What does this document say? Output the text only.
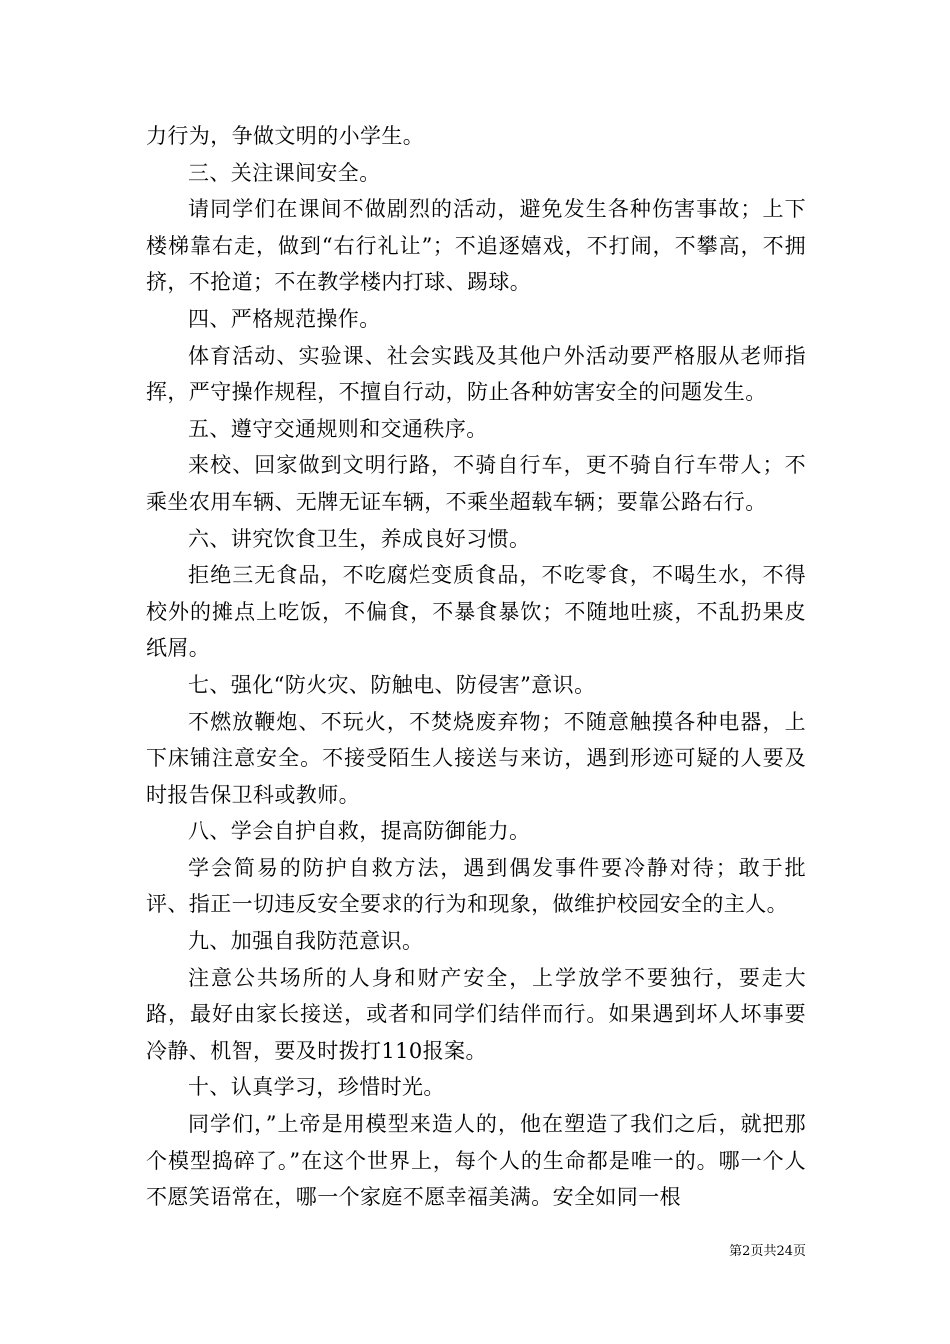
力行为，争做文明的小学生。

三、关注课间安全。

请同学们在课间不做剧烈的活动，避免发生各种伤害事故；上下楼梯靠右走，做到“右行礼让”；不追逐嬉戏，不打闹，不攀高，不拥挤，不抢道；不在教学楼内打球、踢球。

四、严格规范操作。

体育活动、实验课、社会实践及其他户外活动要严格服从老师指挥，严守操作规程，不擅自行动，防止各种妨害安全的问题发生。

五、遵守交通规则和交通秩序。

来校、回家做到文明行路，不骑自行车，更不骑自行车带人；不乘坐农用车辆、无牌无证车辆，不乘坐超载车辆；要靠公路右行。

六、讲究饮食卫生，养成良好习惯。

拒绝三无食品，不吃腐烂变质食品，不吃零食，不喝生水，不得校外的摊点上吃饭，不偏食，不暴食暴饮；不随地吐痰，不乱扔果皮纸屑。

七、强化“防火灾、防触电、防侵害”意识。

不燃放鞭炮、不玩火，不焚烧废弃物；不随意触摸各种电器，上下床铺注意安全。不接受陌生人接送与来访，遇到形迹可疑的人要及时报告保卫科或教师。

八、学会自护自救，提高防御能力。

学会简易的防护自救方法，遇到偶发事件要冷静对待；敢于批评、指正一切违反安全要求的行为和现象，做维护校园安全的主人。

九、加强自我防范意识。

注意公共场所的人身和财产安全，上学放学不要独行，要走大路，最好由家长接送，或者和同学们结伴而行。如果遇到坏人坏事要冷静、机智，要及时拨打110报案。

十、认真学习，珍惜时光。

同学们，”上帝是用模型来造人的，他在塑造了我们之后，就把那个模型捣碎了。”在这个世界上，每个人的生命都是唯一的。哪一个人不愿笑语常在，哪一个家庭不愿幸福美满。安全如同一根

第2页共24页
